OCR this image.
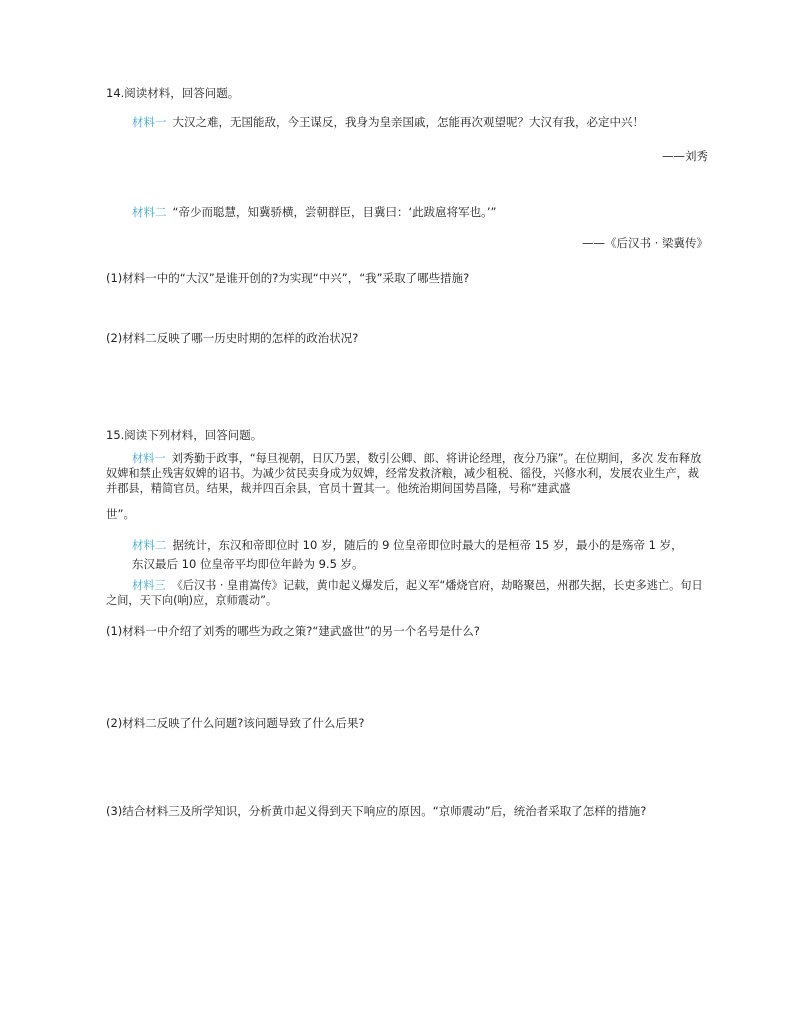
14.阅读材料，回答问题。
材料一 大汉之难，无国能敌，今王谋反，我身为皇亲国戚，怎能再次观望呢？大汉有我，必定中兴！
——刘秀
材料二 “帝少而聪慧，知冀骄横，尝朝群臣，目冀曰：‘此跋扈将军也。’”
——《后汉书 · 梁冀传》
(1)材料一中的“大汉”是谁开创的?为实现“中兴”，“我”采取了哪些措施?
(2)材料二反映了哪一历史时期的怎样的政治状况?
15.阅读下列材料，回答问题。
材料一 刘秀勤于政事，“每旦视朝，日仄乃罢，数引公卿、郎、将讲论经理，夜分乃寐”。在位期间，多次 发布释放奴婢和禁止残害奴婢的诏书。为减少贫民卖身成为奴婢，经常发救济粮，减少租税、徭役，兴修水利，发展农业生产，裁并郡县，精简官员。结果，裁并四百余县，官员十置其一。他统治期间国势昌隆，号称“建武盛
世”。
材料二 据统计，东汉和帝即位时 10 岁，随后的 9 位皇帝即位时最大的是桓帝 15 岁，最小的是殇帝 1 岁，
东汉最后 10 位皇帝平均即位年龄为 9.5 岁。
材料三 《后汉书 · 皇甫嵩传》记载，黄巾起义爆发后，起义军“燔烧官府，劫略聚邑，州郡失据，长吏多逃亡。旬日之间，天下向(响)应，京师震动”。
(1)材料一中介绍了刘秀的哪些为政之策?“建武盛世”的另一个名号是什么?
(2)材料二反映了什么问题?该问题导致了什么后果?
(3)结合材料三及所学知识，分析黄巾起义得到天下响应的原因。“京师震动”后，统治者采取了怎样的措施?
